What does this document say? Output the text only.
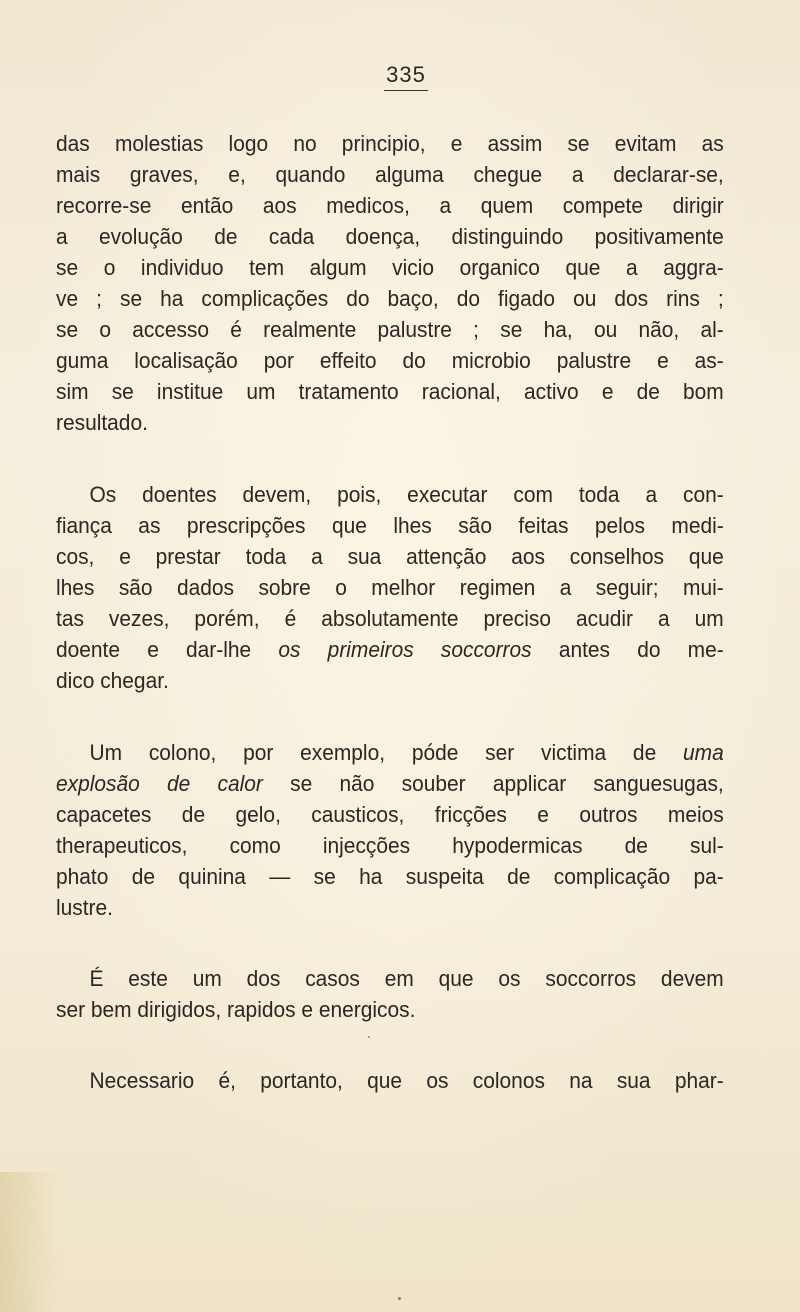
335

das molestias logo no principio, e assim se evitam as
mais graves, e, quando alguma chegue a declarar-se,
recorre-se então aos medicos, a quem compete dirigir
a evolução de cada doença, distinguindo positivamente
se o individuo tem algum vicio organico que a aggra-
ve ; se ha complicações do baço, do figado ou dos rins ;
se o accesso é realmente palustre ; se ha, ou não, al-
guma localisação por effeito do microbio palustre e as-
sim se institue um tratamento racional, activo e de bom
resultado.

Os doentes devem, pois, executar com toda a con-
fiança as prescripções que lhes são feitas pelos medi-
cos, e prestar toda a sua attenção aos conselhos que
lhes são dados sobre o melhor regimen a seguir; mui-
tas vezes, porém, é absolutamente preciso acudir a um
doente e dar-lhe os primeiros soccorros antes do me-
dico chegar.

Um colono, por exemplo, póde ser victima de uma
explosão de calor se não souber applicar sanguesugas,
capacetes de gelo, causticos, fricções e outros meios
therapeuticos, como injecções hypodermicas de sul-
phato de quinina — se ha suspeita de complicação pa-
lustre.

É este um dos casos em que os soccorros devem
ser bem dirigidos, rapidos e energicos.

Necessario é, portanto, que os colonos na sua phar-
